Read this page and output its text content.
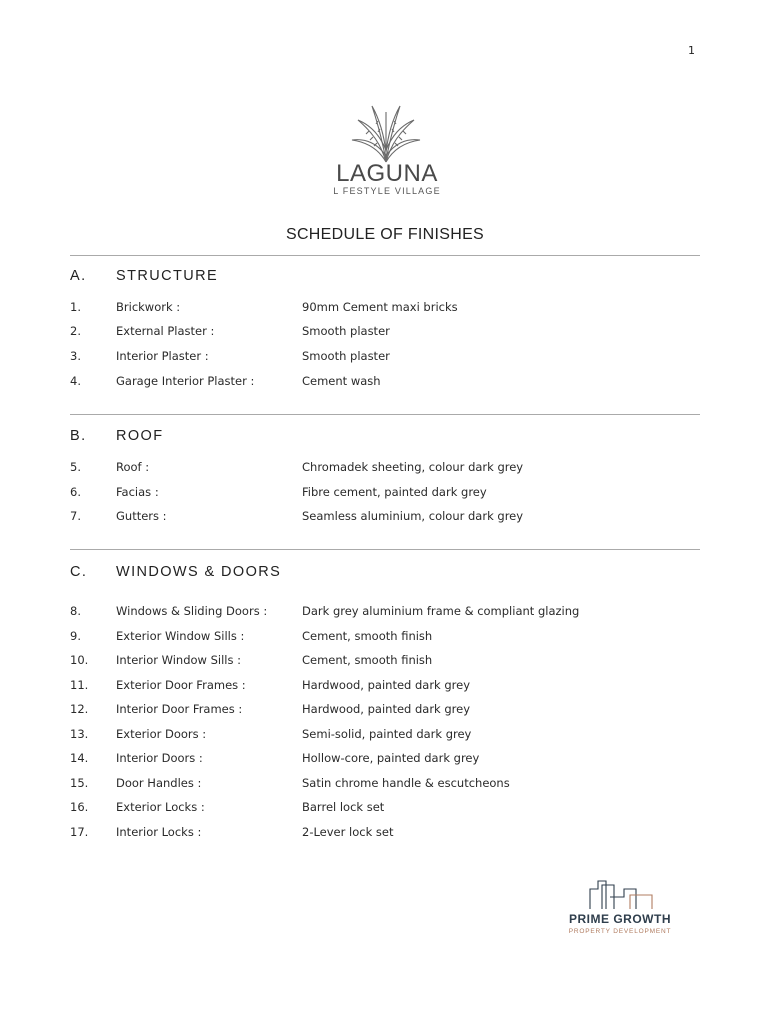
1
LAGUNA
L FESTYLE VILLAGE
SCHEDULE OF FINISHES
A. STRUCTURE
1.	Brickwork :	90mm Cement maxi bricks
2.	External Plaster :	Smooth plaster
3.	Interior Plaster :	Smooth plaster
4.	Garage Interior Plaster :	Cement wash
B. ROOF
5.	Roof :	Chromadek sheeting, colour dark grey
6.	Facias :	Fibre cement, painted dark grey
7.	Gutters :	Seamless aluminium, colour dark grey
C. WINDOWS & DOORS
8.	Windows & Sliding Doors :	Dark grey aluminium frame & compliant glazing
9.	Exterior Window Sills :	Cement, smooth finish
10. Interior Window Sills :	Cement, smooth finish
11. Exterior Door Frames :	Hardwood, painted dark grey
12. Interior Door Frames :	Hardwood, painted dark grey
13. Exterior Doors :	Semi-solid, painted dark grey
14. Interior Doors :	Hollow-core, painted dark grey
15. Door Handles :	Satin chrome handle & escutcheons
16. Exterior Locks :	Barrel lock set
17. Interior Locks :	2-Lever lock set
PRIME GROWTH
PROPERTY DEVELOPMENT
